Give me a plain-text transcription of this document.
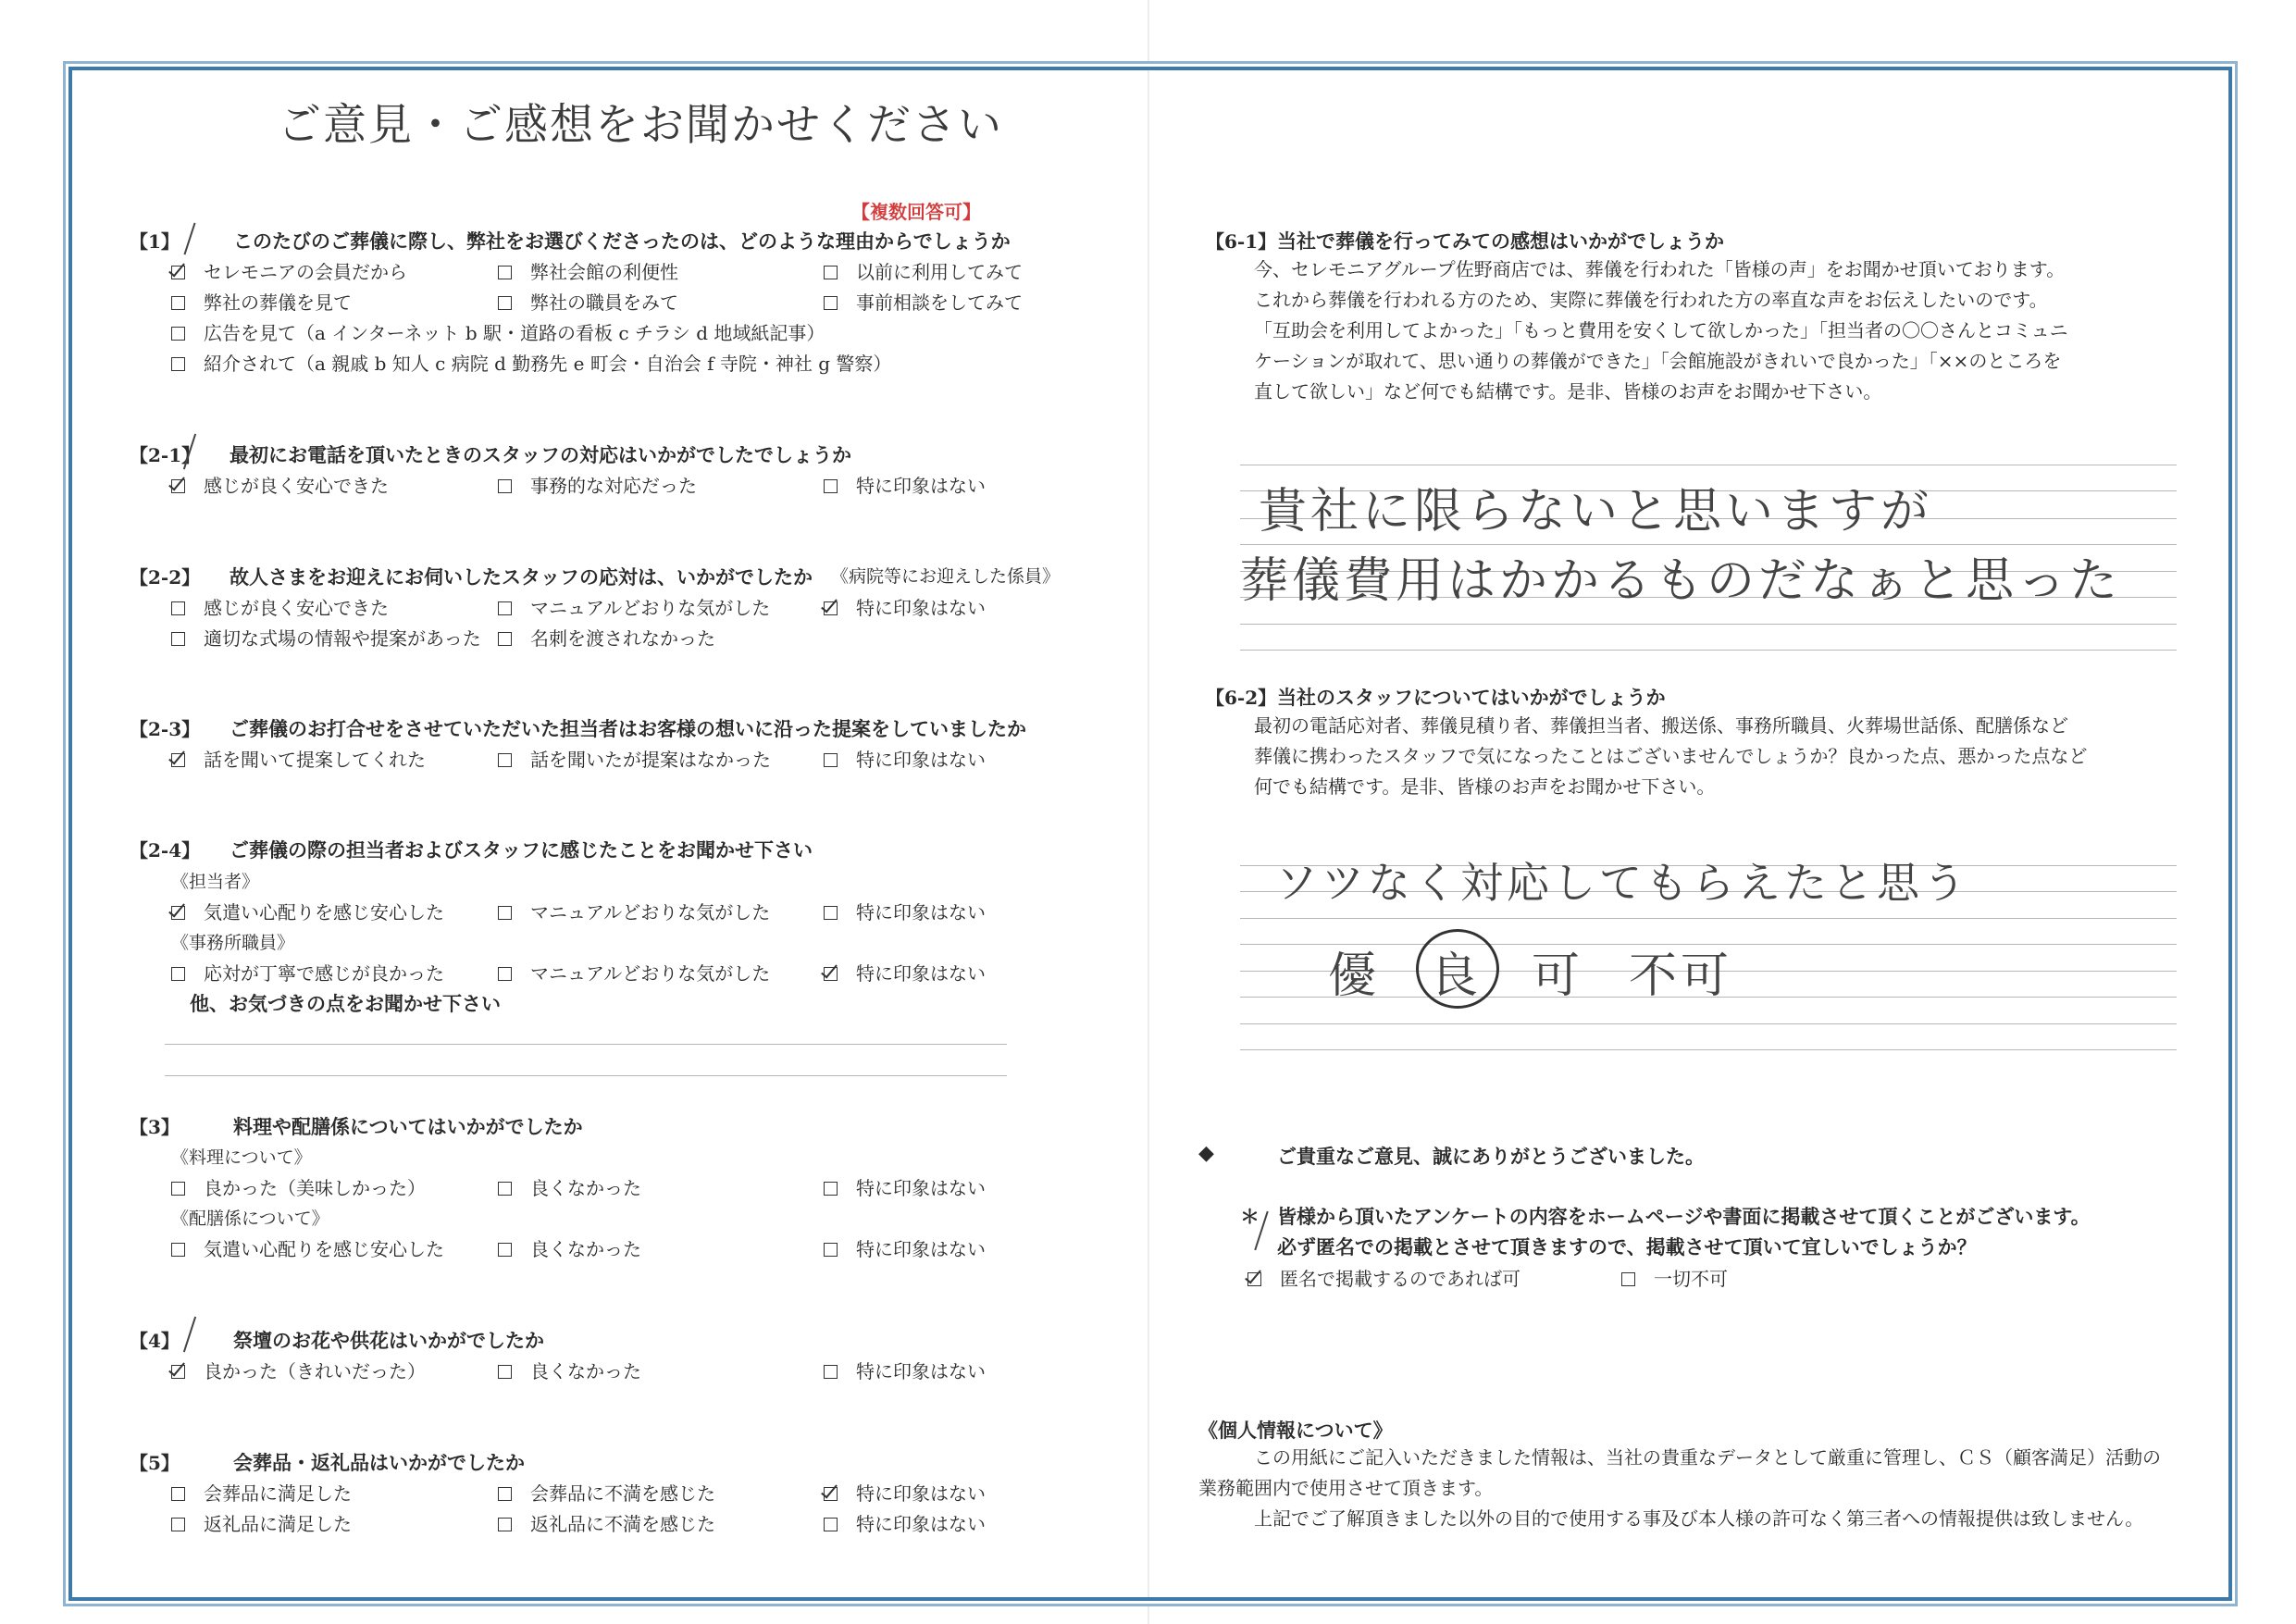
ご意見・ご感想をお聞かせください
【複数回答可】
【1】	このたびのご葬儀に際し、弊社をお選びくださったのは、どのような理由からでしょうか
セレモニアの会員だから	弊社会館の利便性	以前に利用してみて
弊社の葬儀を見て	弊社の職員をみて	事前相談をしてみて
広告を見て（a インターネット b 駅・道路の看板 c チラシ d 地域紙記事）
紹介されて（a 親戚 b 知人 c 病院 d 勤務先 e 町会・自治会 f 寺院・神社 g 警察）
【2-1】 最初にお電話を頂いたときのスタッフの対応はいかがでしたでしょうか
感じが良く安心できた	事務的な対応だった	特に印象はない
【2-2】 故人さまをお迎えにお伺いしたスタッフの応対は、いかがでしたか 《病院等にお迎えした係員》
感じが良く安心できた	マニュアルどおりな気がした	特に印象はない
適切な式場の情報や提案があった	名刺を渡されなかった
【2-3】 ご葬儀のお打合せをさせていただいた担当者はお客様の想いに沿った提案をしていましたか
話を聞いて提案してくれた	話を聞いたが提案はなかった	特に印象はない
【2-4】 ご葬儀の際の担当者およびスタッフに感じたことをお聞かせ下さい
《担当者》
気遣い心配りを感じ安心した	マニュアルどおりな気がした	特に印象はない
《事務所職員》
応対が丁寧で感じが良かった	マニュアルどおりな気がした	特に印象はない
他、お気づきの点をお聞かせ下さい
【3】	料理や配膳係についてはいかがでしたか
《料理について》
良かった（美味しかった）	良くなかった	特に印象はない
《配膳係について》
気遣い心配りを感じ安心した	良くなかった	特に印象はない
【4】	祭壇のお花や供花はいかがでしたか
良かった（きれいだった）	良くなかった	特に印象はない
【5】	会葬品・返礼品はいかがでしたか
会葬品に満足した	会葬品に不満を感じた	特に印象はない
返礼品に満足した	返礼品に不満を感じた	特に印象はない
【6-1】 当社で葬儀を行ってみての感想はいかがでしょうか
今、セレモニアグループ佐野商店では、葬儀を行われた「皆様の声」をお聞かせ頂いております。
これから葬儀を行われる方のため、実際に葬儀を行われた方の率直な声をお伝えしたいのです。
「互助会を利用してよかった」「もっと費用を安くして欲しかった」「担当者の〇〇さんとコミュニ
ケーションが取れて、思い通りの葬儀ができた」「会館施設がきれいで良かった」「××のところを
直して欲しい」など何でも結構です。是非、皆様のお声をお聞かせ下さい。
貴社に限らないと思いますが
葬儀費用はかかるものだなぁと思った
【6-2】 当社のスタッフについてはいかがでしょうか
最初の電話応対者、葬儀見積り者、葬儀担当者、搬送係、事務所職員、火葬場世話係、配膳係など
葬儀に携わったスタッフで気になったことはございませんでしょうか？良かった点、悪かった点など
何でも結構です。是非、皆様のお声をお聞かせ下さい。
ソツなく対応してもらえたと思う
優 良 可 不可
◆	ご貴重なご意見、誠にありがとうございました。
＊ 皆様から頂いたアンケートの内容をホームページや書面に掲載させて頂くことがございます。
必ず匿名での掲載とさせて頂きますので、掲載させて頂いて宜しいでしょうか？
匿名で掲載するのであれば可	一切不可
《個人情報について》
この用紙にご記入いただきました情報は、当社の貴重なデータとして厳重に管理し、ＣＳ（顧客満足）活動の
業務範囲内で使用させて頂きます。
上記でご了解頂きました以外の目的で使用する事及び本人様の許可なく第三者への情報提供は致しません。
